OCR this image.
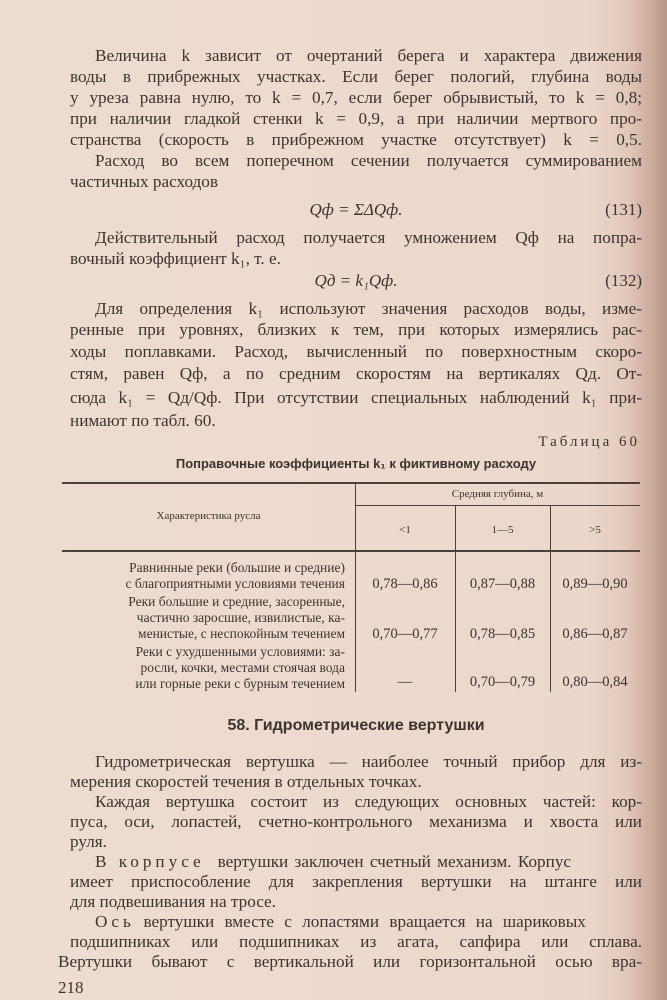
Величина k зависит от очертаний берега и характера движения
воды в прибрежных участках. Если берег пологий, глубина воды
у уреза равна нулю, то k = 0,7, если берег обрывистый, то k = 0,8;
при наличии гладкой стенки k = 0,9, а при наличии мертвого про-
странства (скорость в прибрежном участке отсутствует) k = 0,5.
Расход во всем поперечном сечении получается суммированием
частичных расходов
Qф = ΣΔQф.	(131)
Действительный расход получается умножением Qф на попра-
вочный коэффициент k₁, т. е.
Qд = k₁Qф.	(132)
Для определения k₁ используют значения расходов воды, изме-
ренные при уровнях, близких к тем, при которых измерялись рас-
ходы поплавками. Расход, вычисленный по поверхностным скоро-
стям, равен Qф, а по средним скоростям на вертикалях Qд. От-
сюда k₁ = Qд/Qф. При отсутствии специальных наблюдений k₁ при-
нимают по табл. 60.
Таблица 60
Поправочные коэффициенты k₁ к фиктивному расходу
Характеристика русла
Средняя глубина, м
<1	1—5	>5
Равнинные реки (большие и средние)
с благоприятными условиями течения	0,78—0,86	0,87—0,88	0,89—0,90
Реки большие и средние, засоренные,
частично заросшие, извилистые, ка-
менистые, с неспокойным течением	0,70—0,77	0,78—0,85	0,86—0,87
Реки с ухудшенными условиями: за-
росли, кочки, местами стоячая вода
или горные реки с бурным течением	—	0,70—0,79	0,80—0,84
58. Гидрометрические вертушки
Гидрометрическая вертушка — наиболее точный прибор для из-
мерения скоростей течения в отдельных точках.
Каждая вертушка состоит из следующих основных частей: кор-
пуса, оси, лопастей, счетно-контрольного механизма и хвоста или
руля.
В корпусе вертушки заключен счетный механизм. Корпус
имеет приспособление для закрепления вертушки на штанге или
для подвешивания на тросе.
Ось вертушки вместе с лопастями вращается на шариковых
подшипниках или подшипниках из агата, сапфира или сплава.
Вертушки бывают с вертикальной или горизонтальной осью вра-
218
